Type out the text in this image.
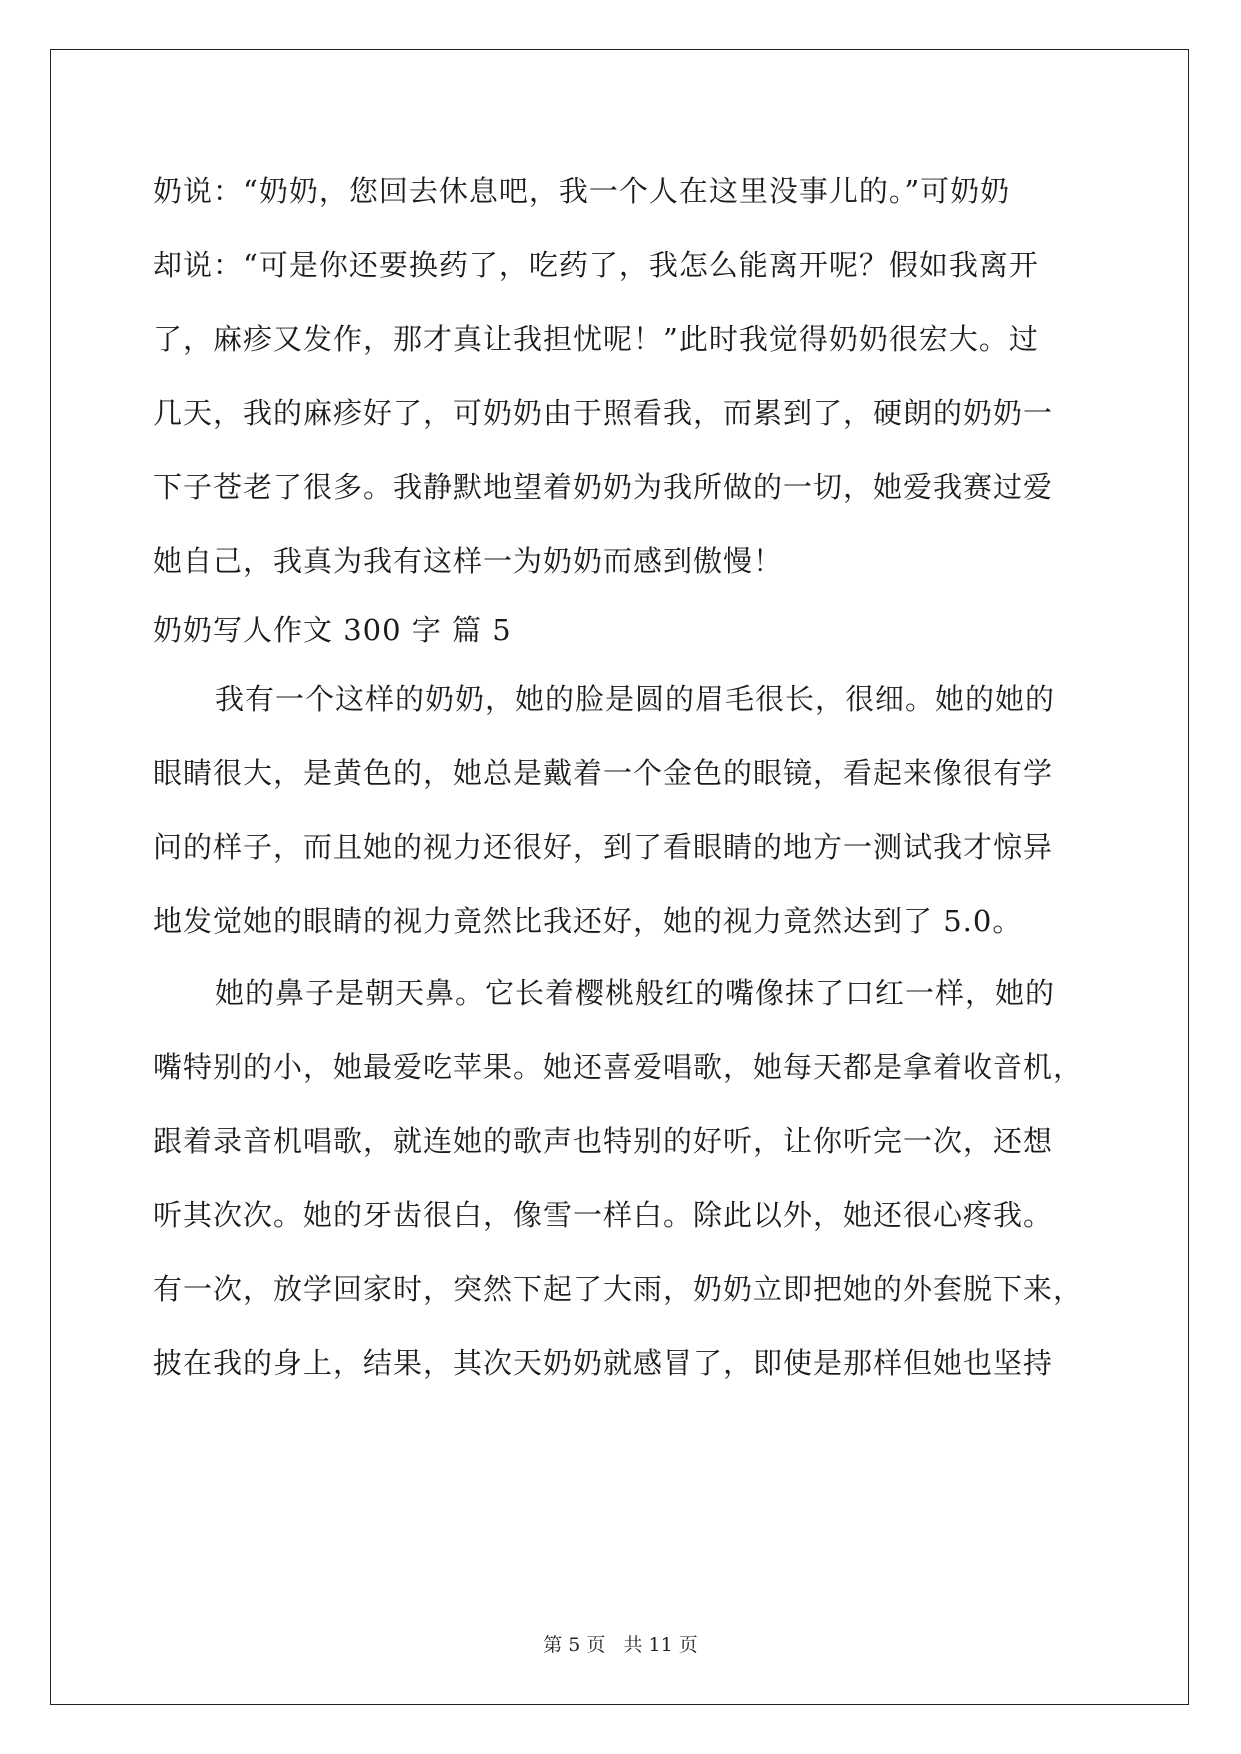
奶说：“奶奶，您回去休息吧，我一个人在这里没事儿的。”可奶奶
却说：“可是你还要换药了，吃药了，我怎么能离开呢？假如我离开
了，麻疹又发作，那才真让我担忧呢！”此时我觉得奶奶很宏大。过
几天，我的麻疹好了，可奶奶由于照看我，而累到了，硬朗的奶奶一
下子苍老了很多。我静默地望着奶奶为我所做的一切，她爱我赛过爱
她自己，我真为我有这样一为奶奶而感到傲慢！
奶奶写人作文 300 字 篇 5
我有一个这样的奶奶，她的脸是圆的眉毛很长，很细。她的她的
眼睛很大，是黄色的，她总是戴着一个金色的眼镜，看起来像很有学
问的样子，而且她的视力还很好，到了看眼睛的地方一测试我才惊异
地发觉她的眼睛的视力竟然比我还好，她的视力竟然达到了 5.0。
她的鼻子是朝天鼻。它长着樱桃般红的嘴像抹了口红一样，她的
嘴特别的小，她最爱吃苹果。她还喜爱唱歌，她每天都是拿着收音机，
跟着录音机唱歌，就连她的歌声也特别的好听，让你听完一次，还想
听其次次。她的牙齿很白，像雪一样白。除此以外，她还很心疼我。
有一次，放学回家时，突然下起了大雨，奶奶立即把她的外套脱下来，
披在我的身上，结果，其次天奶奶就感冒了，即使是那样但她也坚持
第 5 页 共 11 页
